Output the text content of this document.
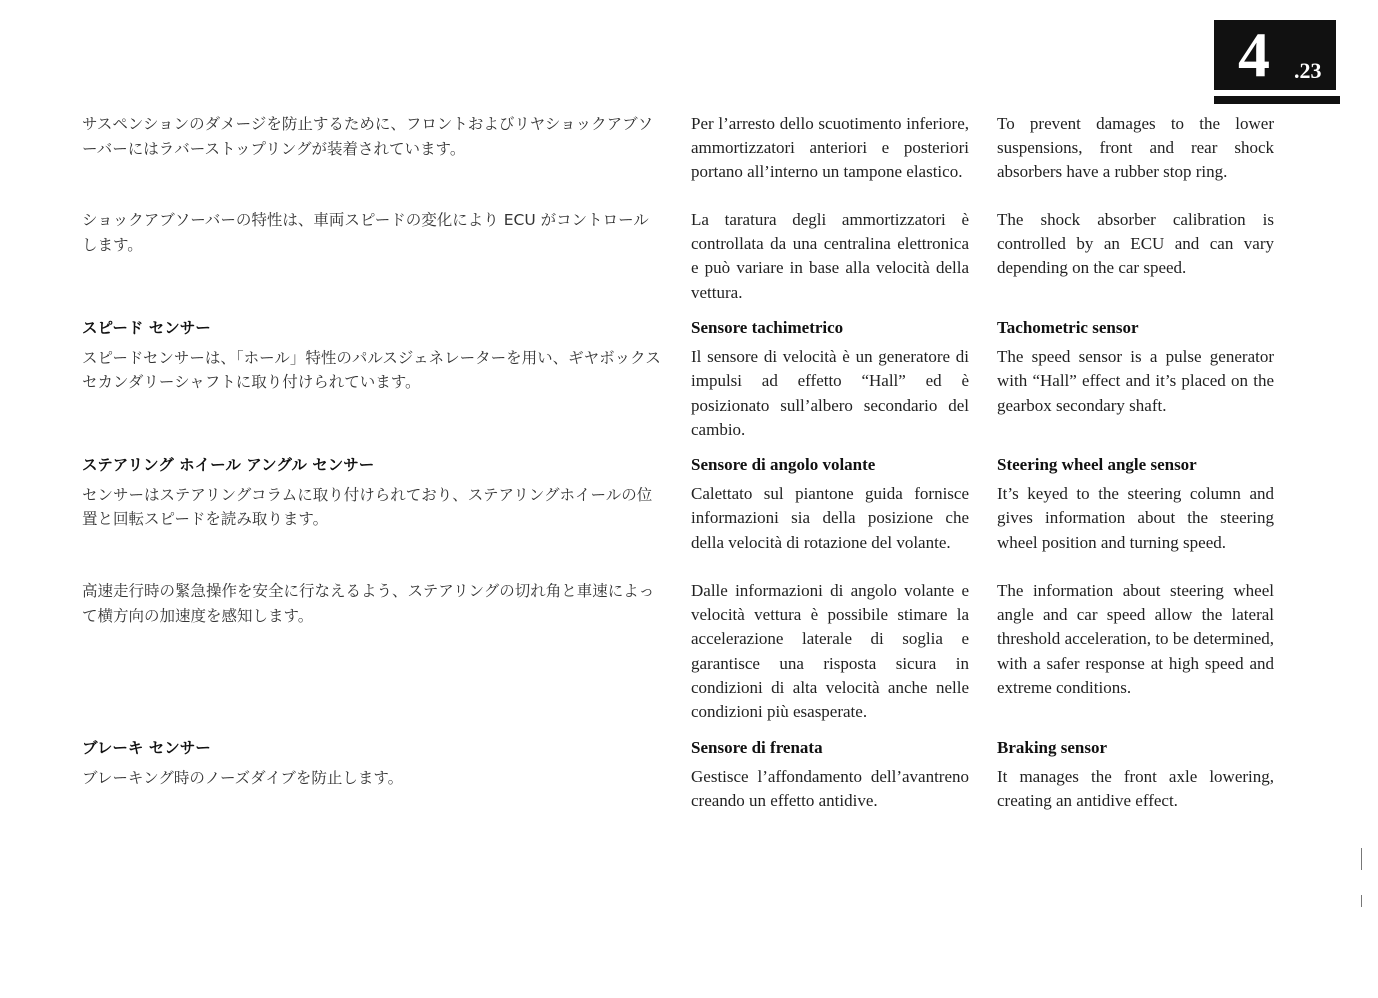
4 .23
サスペンションのダメージを防止するために、フロントおよびリヤショックアブソーバーにはラバーストップリングが装着されています。
Per l’arresto dello scuotimento inferiore, ammortizzatori anteriori e posteriori portano all’interno un tampone elastico.
To prevent damages to the lower suspensions, front and rear shock absorbers have a rubber stop ring.
ショックアブソーバーの特性は、車両スピードの変化により ECU がコントロールします。
La taratura degli ammortizzatori è controllata da una centralina elettronica e può variare in base alla velocità della vettura.
The shock absorber calibration is controlled by an ECU and can vary depending on the car speed.
スピード センサー
スピードセンサーは、「ホール」特性のパルスジェネレーターを用い、ギヤボックスセカンダリーシャフトに取り付けられています。
Sensore tachimetrico
Il sensore di velocità è un generatore di impulsi ad effetto “Hall” ed è posizionato sull’albero secondario del cambio.
Tachometric sensor
The speed sensor is a pulse generator with “Hall” effect and it’s placed on the gearbox secondary shaft.
ステアリング ホイール アングル センサー
センサーはステアリングコラムに取り付けられており、ステアリングホイールの位置と回転スピードを読み取ります。
Sensore di angolo volante
Calettato sul piantone guida fornisce informazioni sia della posizione che della velocità di rotazione del volante.
Steering wheel angle sensor
It’s keyed to the steering column and gives information about the steering wheel position and turning speed.
高速走行時の緊急操作を安全に行なえるよう、ステアリングの切れ角と車速によって横方向の加速度を感知します。
Dalle informazioni di angolo volante e velocità vettura è possibile stimare la accelerazione laterale di soglia e garantisce una risposta sicura in condizioni di alta velocità anche nelle condizioni più esasperate.
The information about steering wheel angle and car speed allow the lateral threshold acceleration, to be determined, with a safer response at high speed and extreme conditions.
ブレーキ センサー
ブレーキング時のノーズダイブを防止します。
Sensore di frenata
Gestisce l’affondamento dell’avantreno creando un effetto antidive.
Braking sensor
It manages the front axle lowering, creating an antidive effect.
